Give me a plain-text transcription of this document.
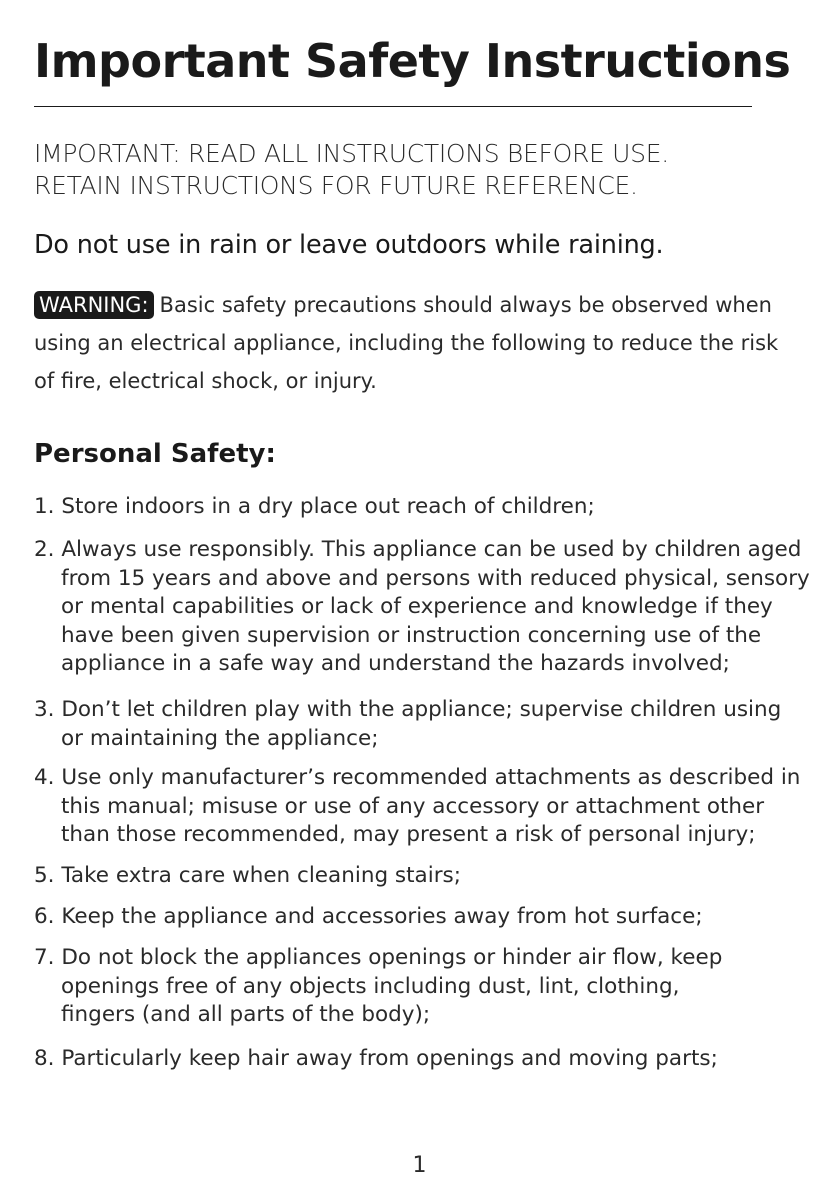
Important Safety Instructions
IMPORTANT: READ ALL INSTRUCTIONS BEFORE USE.
RETAIN INSTRUCTIONS FOR FUTURE REFERENCE.
Do not use in rain or leave outdoors while raining.
WARNING: Basic safety precautions should always be observed when
using an electrical appliance, including the following to reduce the risk
of fire, electrical shock, or injury.
Personal Safety:
1. Store indoors in a dry place out reach of children;
2. Always use responsibly. This appliance can be used by children aged
from 15 years and above and persons with reduced physical, sensory
or mental capabilities or lack of experience and knowledge if they
have been given supervision or instruction concerning use of the
appliance in a safe way and understand the hazards involved;
3. Don’t let children play with the appliance; supervise children using
or maintaining the appliance;
4. Use only manufacturer’s recommended attachments as described in
this manual; misuse or use of any accessory or attachment other
than those recommended, may present a risk of personal injury;
5. Take extra care when cleaning stairs;
6. Keep the appliance and accessories away from hot surface;
7. Do not block the appliances openings or hinder air flow, keep
openings free of any objects including dust, lint, clothing,
fingers (and all parts of the body);
8. Particularly keep hair away from openings and moving parts;
1
